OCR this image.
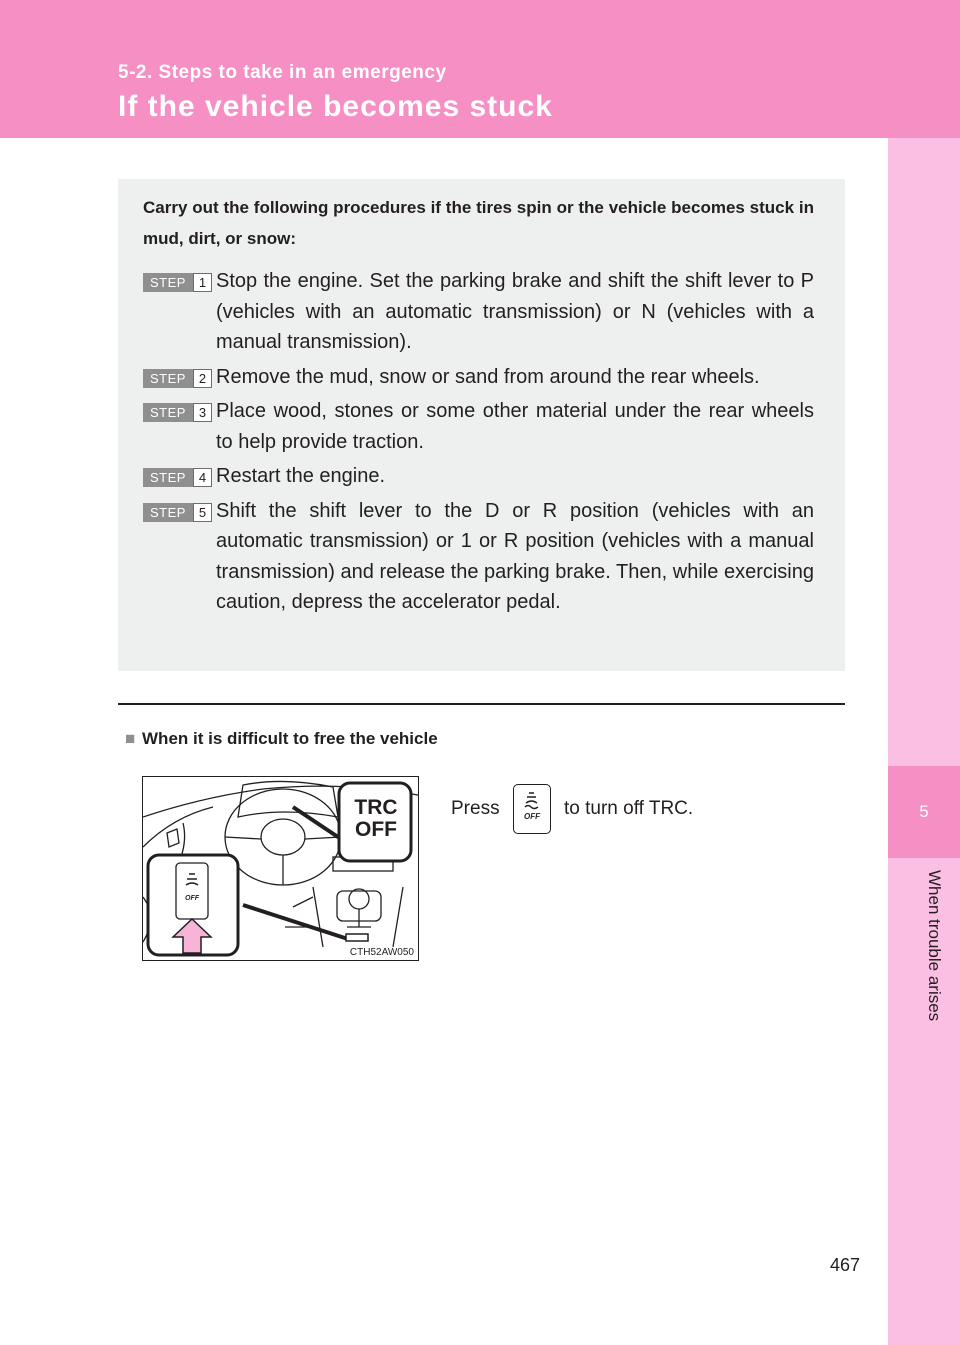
5-2. Steps to take in an emergency
If the vehicle becomes stuck
5
When trouble arises

Carry out the following procedures if the tires spin or the vehicle becomes stuck in mud, dirt, or snow:

STEP 1 Stop the engine. Set the parking brake and shift the shift lever to P (vehicles with an automatic transmission) or N (vehicles with a manual transmission).
STEP 2 Remove the mud, snow or sand from around the rear wheels.
STEP 3 Place wood, stones or some other material under the rear wheels to help provide traction.
STEP 4 Restart the engine.
STEP 5 Shift the shift lever to the D or R position (vehicles with an automatic transmission) or 1 or R position (vehicles with a manual transmission) and release the parking brake. Then, while exercising caution, depress the accelerator pedal.
■ When it is difficult to free the vehicle
TRC
OFF
OFF
CTH52AW050
Press	OFF to turn off TRC.
467
